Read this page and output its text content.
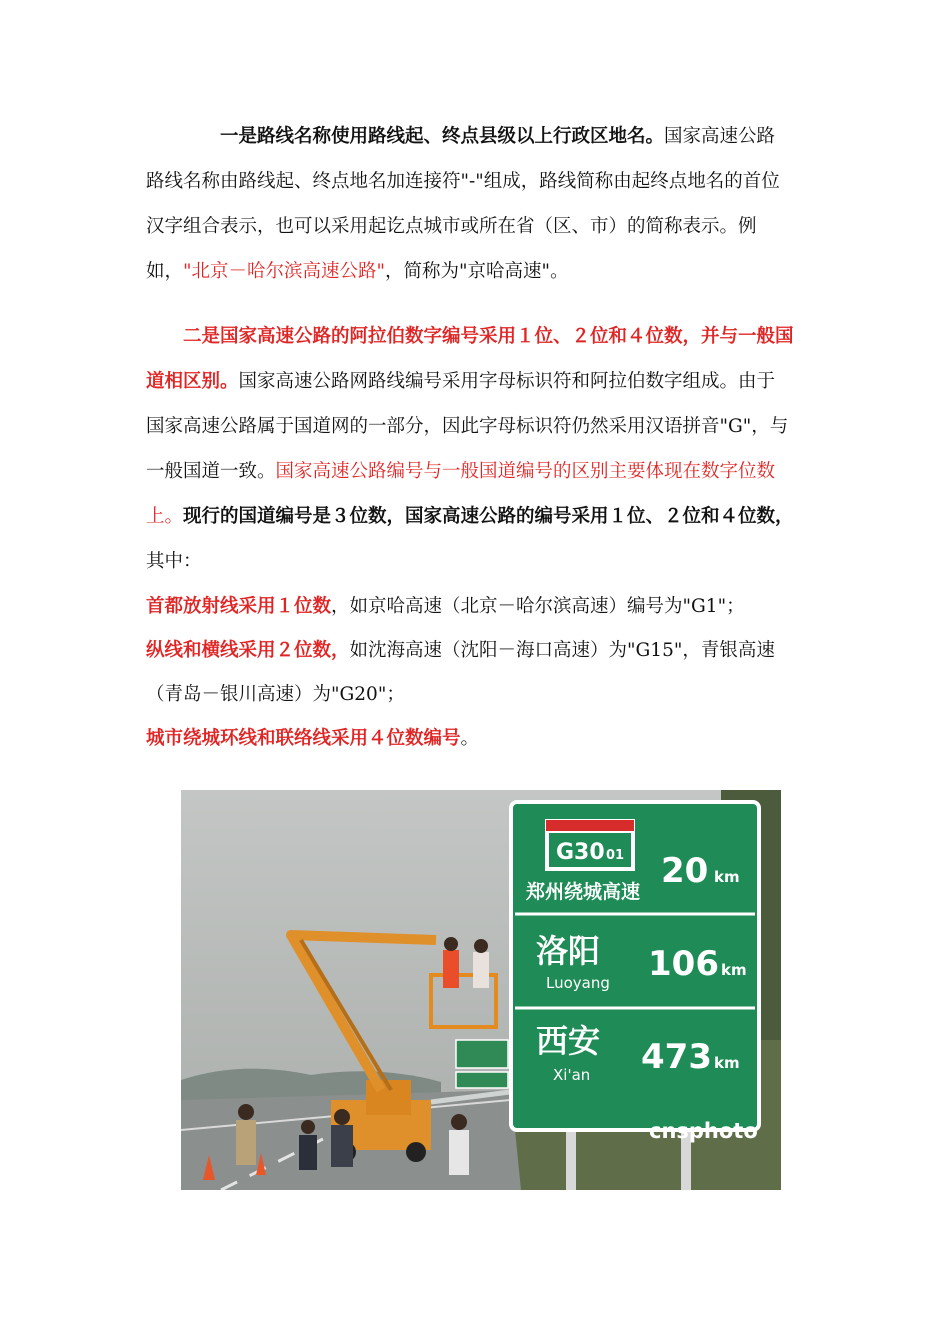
一是路线名称使用路线起、终点县级以上行政区地名。国家高速公路
路线名称由路线起、终点地名加连接符"-"组成，路线简称由起终点地名的首位
汉字组合表示，也可以采用起讫点城市或所在省（区、市）的简称表示。例
如，"北京－哈尔滨高速公路"，简称为"京哈高速"。
二是国家高速公路的阿拉伯数字编号采用１位、２位和４位数，并与一般国
道相区别。国家高速公路网路线编号采用字母标识符和阿拉伯数字组成。由于
国家高速公路属于国道网的一部分，因此字母标识符仍然采用汉语拼音"G"，与
一般国道一致。国家高速公路编号与一般国道编号的区别主要体现在数字位数
上。现行的国道编号是３位数，国家高速公路的编号采用１位、２位和４位数，
其中：
首都放射线采用１位数，如京哈高速（北京－哈尔滨高速）编号为"G1"；
纵线和横线采用２位数，如沈海高速（沈阳－海口高速）为"G15"，青银高速
（青岛－银川高速）为"G20"；
城市绕城环线和联络线采用４位数编号。
G30 01
郑州绕城高速
20 km
洛阳
Luoyang 106 km
西安
Xi'an 473 km
cnsphoto
